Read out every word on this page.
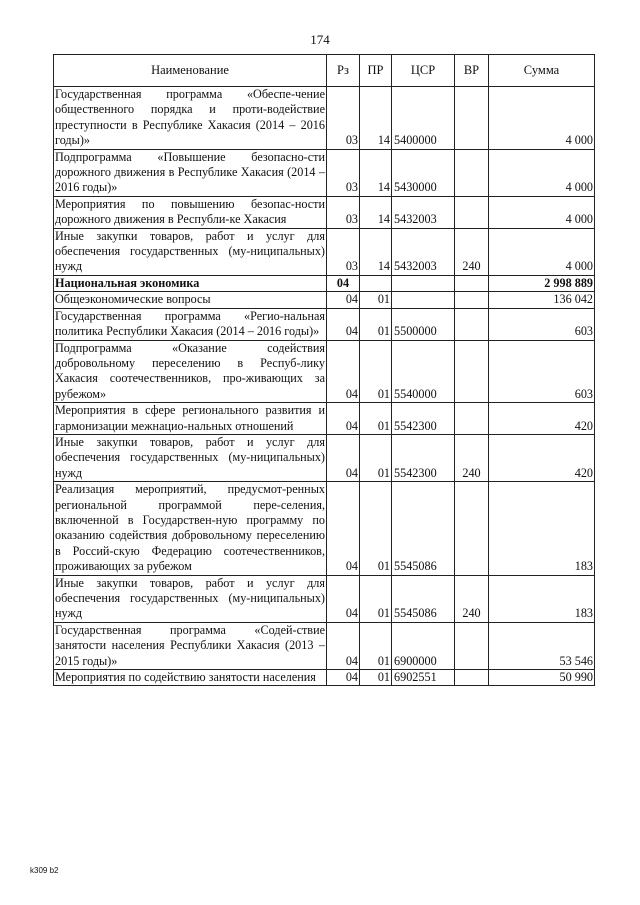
174
Наименование	Рз	ПР	ЦСР	ВР	Сумма
Государственная программа «Обеспе-чение общественного порядка и проти-водействие преступности в Республике Хакасия (2014 – 2016 годы)»	03	14	5400000		4 000
Подпрограмма «Повышение безопасно-сти дорожного движения в Республике Хакасия (2014 –2016 годы)»	03	14	5430000		4 000
Мероприятия по повышению безопас-ности дорожного движения в Республи-ке Хакасия	03	14	5432003		4 000
Иные закупки товаров, работ и услуг для обеспечения государственных (му-ниципальных) нужд	03	14	5432003	240	4 000
Национальная экономика	04				2 998 889
Общеэкономические вопросы	04	01			136 042
Государственная программа «Регио-нальная политика Республики Хакасия (2014 – 2016 годы)»	04	01	5500000		603
Подпрограмма «Оказание содействия добровольному переселению в Респуб-лику Хакасия соотечественников, про-живающих за рубежом»	04	01	5540000		603
Мероприятия в сфере регионального развития и гармонизации межнацио-нальных отношений	04	01	5542300		420
Иные закупки товаров, работ и услуг для обеспечения государственных (му-ниципальных) нужд	04	01	5542300	240	420
Реализация мероприятий, предусмот-ренных региональной программой пере-селения, включенной в Государствен-ную программу по оказанию содействия добровольному переселению в Россий-скую Федерацию соотечественников, проживающих за рубежом	04	01	5545086		183
Иные закупки товаров, работ и услуг для обеспечения государственных (му-ниципальных) нужд	04	01	5545086	240	183
Государственная программа «Содей-ствие занятости населения Республики Хакасия (2013 – 2015 годы)»	04	01	6900000		53 546
Мероприятия по содействию занятости населения	04	01	6902551		50 990
k309 b2
